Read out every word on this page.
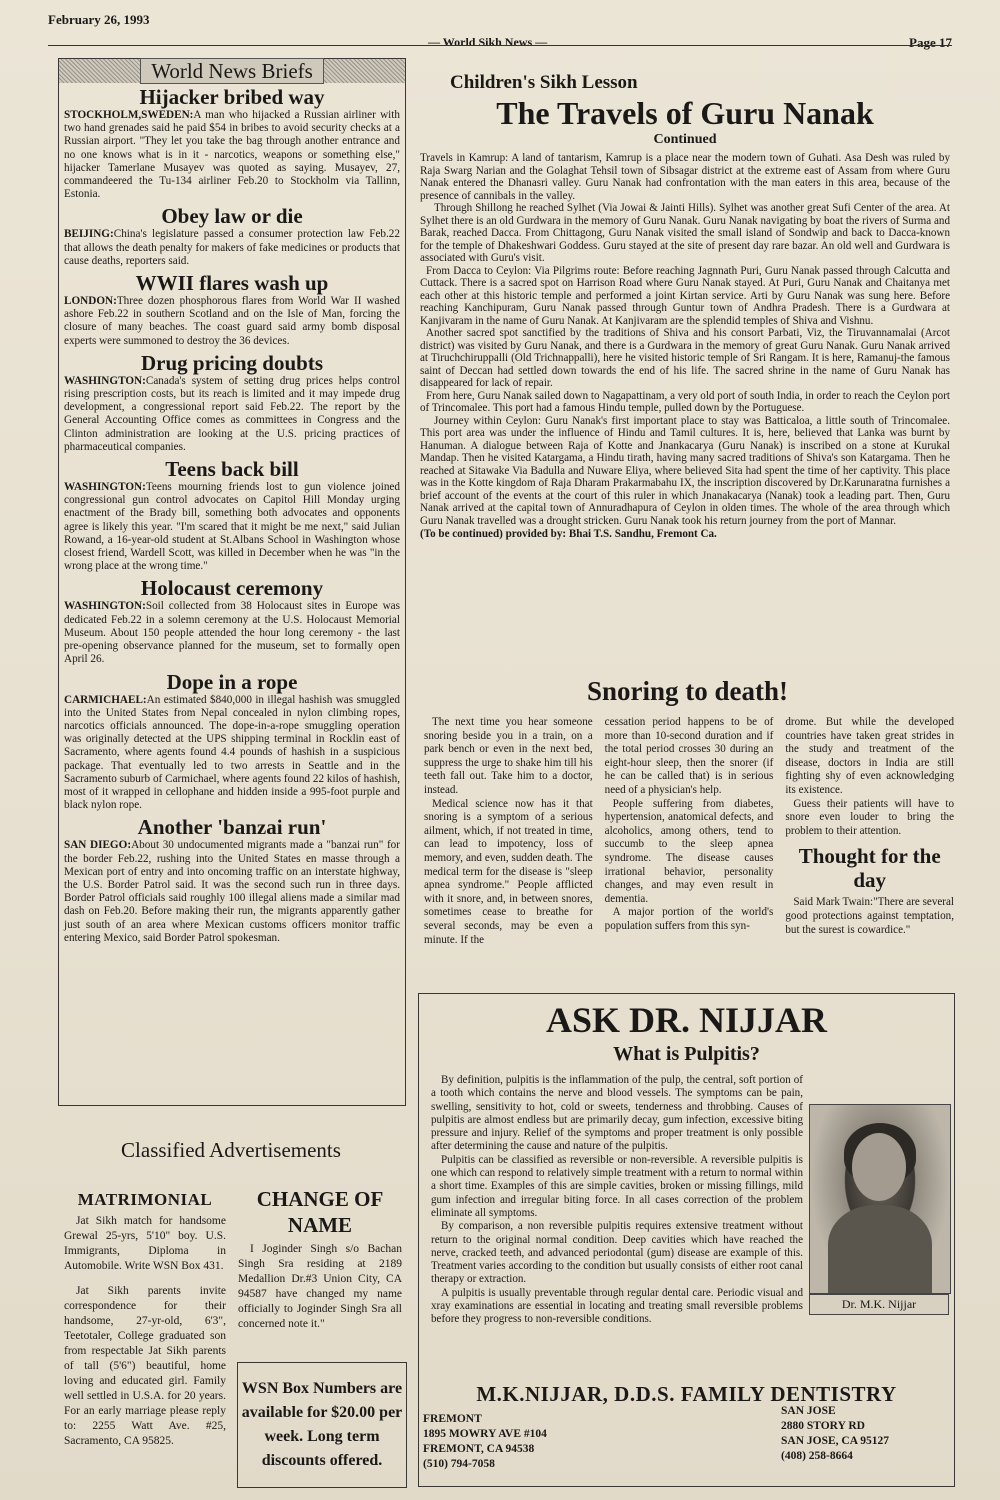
February 26, 1993
— World Sikh News —	Page 17
World News Briefs
Hijacker bribed way

STOCKHOLM,SWEDEN:A man who hijacked a Russian airliner with two hand grenades said he paid $54 in bribes to avoid security checks at a Russian airport. "They let you take the bag through another entrance and no one knows what is in it - narcotics, weapons or something else," hijacker Tamerlane Musayev was quoted as saying. Musayev, 27, commandeered the Tu-134 airliner Feb.20 to Stockholm via Tallinn, Estonia.

Obey law or die

BEIJING:China's legislature passed a consumer protection law Feb.22 that allows the death penalty for makers of fake medicines or products that cause deaths, reporters said.

WWII flares wash up

LONDON:Three dozen phosphorous flares from World War II washed ashore Feb.22 in southern Scotland and on the Isle of Man, forcing the closure of many beaches. The coast guard said army bomb disposal experts were summoned to destroy the 36 devices.

Drug pricing doubts

WASHINGTON:Canada's system of setting drug prices helps control rising prescription costs, but its reach is limited and it may impede drug development, a congressional report said Feb.22. The report by the General Accounting Office comes as committees in Congress and the Clinton administration are looking at the U.S. pricing practices of pharmaceutical companies.

Teens back bill

WASHINGTON:Teens mourning friends lost to gun violence joined congressional gun control advocates on Capitol Hill Monday urging enactment of the Brady bill, something both advocates and opponents agree is likely this year. "I'm scared that it might be me next," said Julian Rowand, a 16-year-old student at St.Albans School in Washington whose closest friend, Wardell Scott, was killed in December when he was "in the wrong place at the wrong time."

Holocaust ceremony

WASHINGTON:Soil collected from 38 Holocaust sites in Europe was dedicated Feb.22 in a solemn ceremony at the U.S. Holocaust Memorial Museum. About 150 people attended the hour long ceremony - the last pre-opening observance planned for the museum, set to formally open April 26.

Dope in a rope

CARMICHAEL:An estimated $840,000 in illegal hashish was smuggled into the United States from Nepal concealed in nylon climbing ropes, narcotics officials announced. The dope-in-a-rope smuggling operation was originally detected at the UPS shipping terminal in Rocklin east of Sacramento, where agents found 4.4 pounds of hashish in a suspicious package. That eventually led to two arrests in Seattle and in the Sacramento suburb of Carmichael, where agents found 22 kilos of hashish, most of it wrapped in cellophane and hidden inside a 995-foot purple and black nylon rope.

Another 'banzai run'

SAN DIEGO:About 30 undocumented migrants made a "banzai run" for the border Feb.22, rushing into the United States en masse through a Mexican port of entry and into oncoming traffic on an interstate highway, the U.S. Border Patrol said. It was the second such run in three days. Border Patrol officials said roughly 100 illegal aliens made a similar mad dash on Feb.20. Before making their run, the migrants apparently gather just south of an area where Mexican customs officers monitor traffic entering Mexico, said Border Patrol spokesman.

Classified Advertisements
MATRIMONIAL

Jat Sikh match for handsome Grewal 25-yrs, 5'10" boy. U.S. Immigrants, Diploma in Automobile. Write WSN Box 431.

Jat Sikh parents invite correspondence for their handsome, 27-yr-old, 6'3", Teetotaler, College graduated son from respectable Jat Sikh parents of tall (5'6") beautiful, home loving and educated girl. Family well settled in U.S.A. for 20 years. For an early marriage please reply to: 2255 Watt Ave. #25, Sacramento, CA 95825.

CHANGE OF NAME

I Joginder Singh s/o Bachan Singh Sra residing at 2189 Medallion Dr.#3 Union City, CA 94587 have changed my name officially to Joginder Singh Sra all concerned note it."

WSN Box Numbers are available for $20.00 per week. Long term discounts offered.
Children's Sikh Lesson
The Travels of Guru Nanak
Continued

Travels in Kamrup: A land of tantarism, Kamrup is a place near the modern town of Guhati. Asa Desh was ruled by Raja Swarg Narian and the Golaghat Tehsil town of Sibsagar district at the extreme east of Assam from where Guru Nanak entered the Dhanasri valley. Guru Nanak had confrontation with the man eaters in this area, because of the presence of cannibals in the valley.

Through Shillong he reached Sylhet (Via Jowai & Jainti Hills). Sylhet was another great Sufi Center of the area. At Sylhet there is an old Gurdwara in the memory of Guru Nanak. Guru Nanak navigating by boat the rivers of Surma and Barak, reached Dacca. From Chittagong, Guru Nanak visited the small island of Sondwip and back to Dacca-known for the temple of Dhakeshwari Goddess. Guru stayed at the site of present day rare bazar. An old well and Gurdwara is associated with Guru's visit.

From Dacca to Ceylon: Via Pilgrims route: Before reaching Jagnnath Puri, Guru Nanak passed through Calcutta and Cuttack. There is a sacred spot on Harrison Road where Guru Nanak stayed. At Puri, Guru Nanak and Chaitanya met each other at this historic temple and performed a joint Kirtan service. Arti by Guru Nanak was sung here. Before reaching Kanchipuram, Guru Nanak passed through Guntur town of Andhra Pradesh. There is a Gurdwara at Kanjivaram in the name of Guru Nanak. At Kanjivaram are the splendid temples of Shiva and Vishnu.

Another sacred spot sanctified by the traditions of Shiva and his consort Parbati, Viz, the Tiruvannamalai (Arcot district) was visited by Guru Nanak, and there is a Gurdwara in the memory of great Guru Nanak. Guru Nanak arrived at Tiruchchiruppalli (Old Trichnappalli), here he visited historic temple of Sri Rangam. It is here, Ramanuj-the famous saint of Deccan had settled down towards the end of his life. The sacred shrine in the name of Guru Nanak has disappeared for lack of repair.

From here, Guru Nanak sailed down to Nagapattinam, a very old port of south India, in order to reach the Ceylon port of Trincomalee. This port had a famous Hindu temple, pulled down by the Portuguese.

Journey within Ceylon: Guru Nanak's first important place to stay was Batticaloa, a little south of Trincomalee. This port area was under the influence of Hindu and Tamil cultures. It is, here, believed that Lanka was burnt by Hanuman. A dialogue between Raja of Kotte and Jnankacarya (Guru Nanak) is inscribed on a stone at Kurukal Mandap. Then he visited Katargama, a Hindu tirath, having many sacred traditions of Shiva's son Katargama. Then he reached at Sitawake Via Badulla and Nuware Eliya, where believed Sita had spent the time of her captivity. This place was in the Kotte kingdom of Raja Dharam Prakarmabahu IX, the inscription discovered by Dr.Karunaratna furnishes a brief account of the events at the court of this ruler in which Jnanakacarya (Nanak) took a leading part. Then, Guru Nanak arrived at the capital town of Annuradhapura of Ceylon in olden times. The whole of the area through which Guru Nanak travelled was a drought stricken. Guru Nanak took his return journey from the port of Mannar.

(To be continued) provided by: Bhai T.S. Sandhu, Fremont Ca.

Snoring to death!

The next time you hear someone snoring beside you in a train, on a park bench or even in the next bed, suppress the urge to shake him till his teeth fall out. Take him to a doctor, instead.

Medical science now has it that snoring is a symptom of a serious ailment, which, if not treated in time, can lead to impotency, loss of memory, and even, sudden death. The medical term for the disease is "sleep apnea syndrome." People afflicted with it snore, and, in between snores, sometimes cease to breathe for several seconds, may be even a minute. If the

cessation period happens to be of more than 10-second duration and if the total period crosses 30 during an eight-hour sleep, then the snorer (if he can be called that) is in serious need of a physician's help.

People suffering from diabetes, hypertension, anatomical defects, and alcoholics, among others, tend to succumb to the sleep apnea syndrome. The disease causes irrational behavior, personality changes, and may even result in dementia.

A major portion of the world's population suffers from this syn-

drome. But while the developed countries have taken great strides in the study and treatment of the disease, doctors in India are still fighting shy of even acknowledging its existence.

Guess their patients will have to snore even louder to bring the problem to their attention.

Thought for the day

Said Mark Twain:"There are several good protections against temptation, but the surest is cowardice."

ASK DR. NIJJAR
What is Pulpitis?

By definition, pulpitis is the inflammation of the pulp, the central, soft portion of a tooth which contains the nerve and blood vessels. The symptoms can be pain, swelling, sensitivity to hot, cold or sweets, tenderness and throbbing. Causes of pulpitis are almost endless but are primarily decay, gum infection, excessive biting pressure and injury. Relief of the symptoms and proper treatment is only possible after determining the cause and nature of the pulpitis.

Pulpitis can be classified as reversible or non-reversible. A reversible pulpitis is one which can respond to relatively simple treatment with a return to normal within a short time. Examples of this are simple cavities, broken or missing fillings, mild gum infection and irregular biting force. In all cases correction of the problem eliminate all symptoms.

By comparison, a non reversible pulpitis requires extensive treatment without return to the original normal condition. Deep cavities which have reached the nerve, cracked teeth, and advanced periodontal (gum) disease are example of this. Treatment varies according to the condition but usually consists of either root canal therapy or extraction.

A pulpitis is usually preventable through regular dental care. Periodic visual and xray examinations are essential in locating and treating small reversible problems before they progress to non-reversible conditions.

Dr. M.K. Nijjar
M.K.NIJJAR, D.D.S. FAMILY DENTISTRY
FREMONT
1895 MOWRY AVE #104
FREMONT, CA 94538
(510) 794-7058
SAN JOSE
2880 STORY RD
SAN JOSE, CA 95127
(408) 258-8664
